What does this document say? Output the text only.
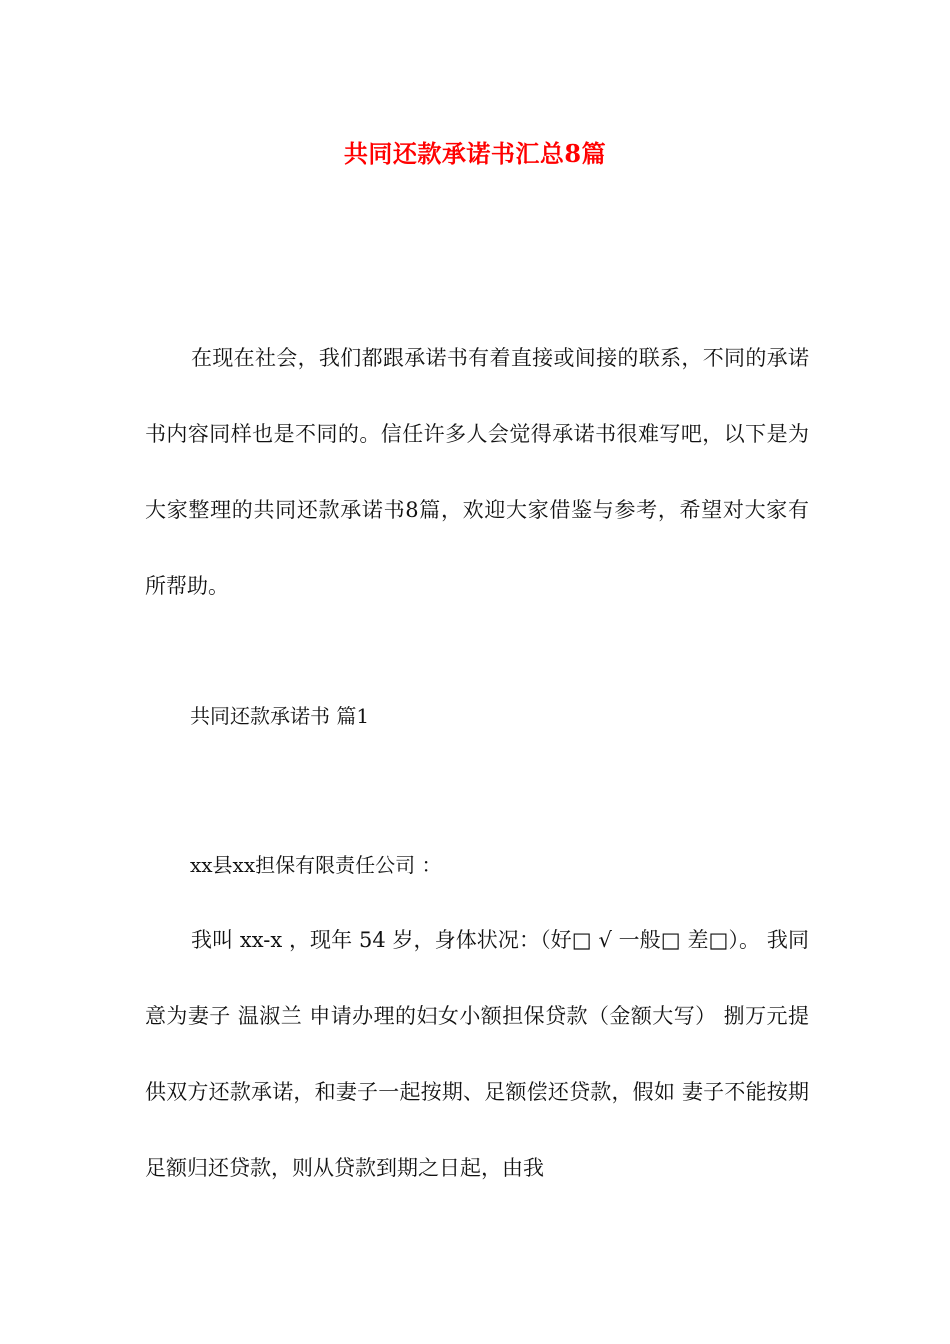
共同还款承诺书汇总8篇

在现在社会，我们都跟承诺书有着直接或间接的联系，不同的承诺书内容同样也是不同的。信任许多人会觉得承诺书很难写吧，以下是为大家整理的共同还款承诺书8篇，欢迎大家借鉴与参考，希望对大家有所帮助。

共同还款承诺书 篇1

xx县xx担保有限责任公司 ：

我叫 xx-x ，现年 54 岁，身体状况：（好□ √ 一般□ 差□）。 我同意为妻子 温淑兰 申请办理的妇女小额担保贷款（金额大写） 捌万元提供双方还款承诺，和妻子一起按期、足额偿还贷款，假如 妻子不能按期足额归还贷款，则从贷款到期之日起，由我
